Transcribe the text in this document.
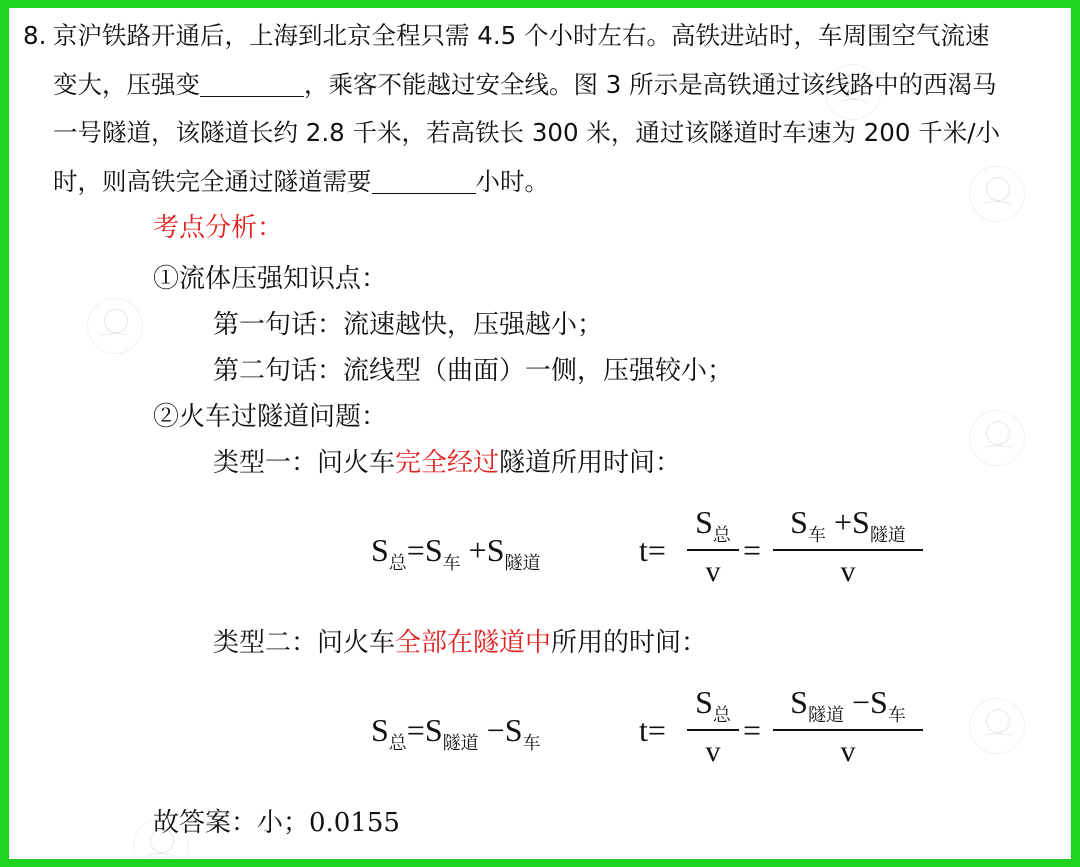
8. 京沪铁路开通后，上海到北京全程只需 4.5 个小时左右。高铁进站时，车周围空气流速
变大，压强变	，乘客不能越过安全线。图 3 所示是高铁通过该线路中的西渴马
一号隧道，该隧道长约 2.8 千米，若高铁长 300 米，通过该隧道时车速为 200 千米/小
时，则高铁完全通过隧道需要	小时。
考点分析：
①流体压强知识点：
第一句话：流速越快，压强越小；
第二句话：流线型（曲面）一侧，压强较小；
②火车过隧道问题：
类型一：问火车完全经过隧道所用时间：
$S_总=S_车 +S_{隧道}$	t=
$S_总$
v
=
$S_车 +S_{隧道}$
v
类型二：问火车全部在隧道中所用的时间：
$S_总=S_{隧道} -S_车$	t=
$S_总$
v
=
$S_{隧道} -S_车$
v
故答案：小；0.0155
